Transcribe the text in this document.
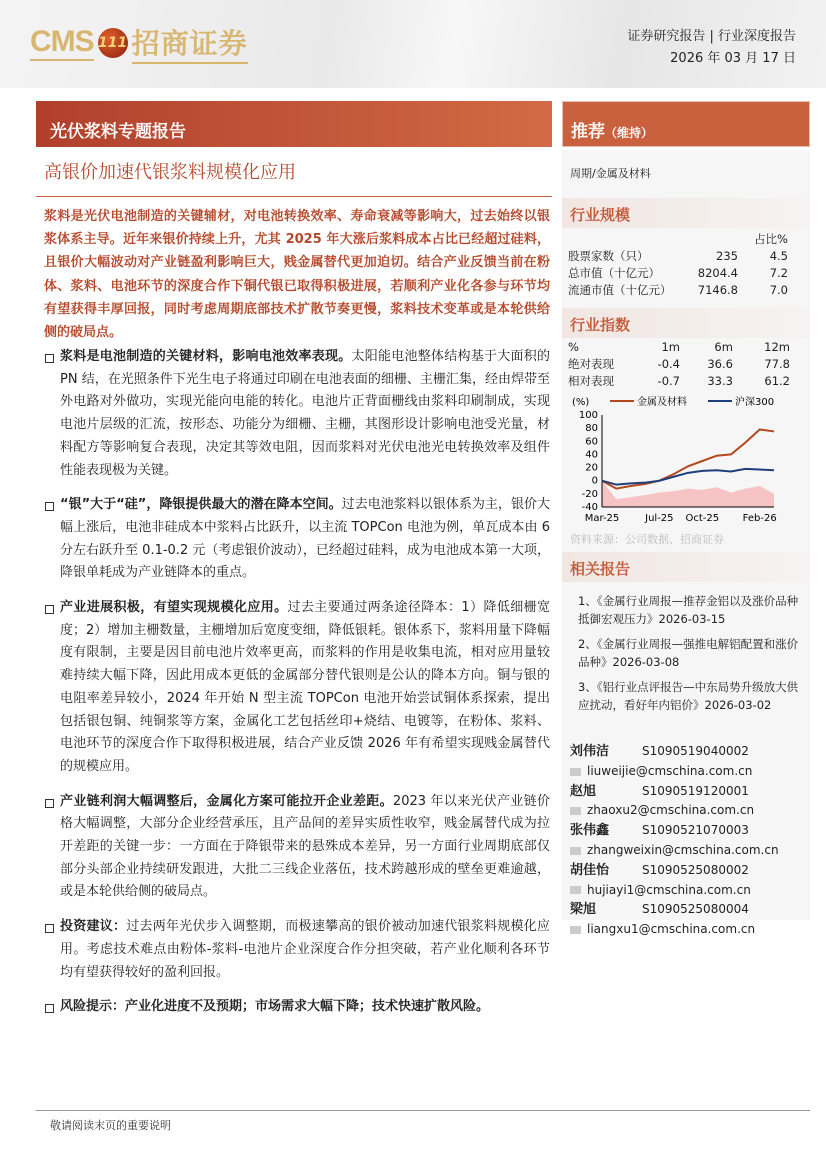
CMS 111 招商证券	证券研究报告 | 行业深度报告
2026 年 03 月 17 日
光伏浆料专题报告	推荐（维持）
高银价加速代银浆料规模化应用
浆料是光伏电池制造的关键辅材，对电池转换效率、寿命衰减等影响大，过去始终以银浆体系主导。近年来银价持续上升，尤其 2025 年大涨后浆料成本占比已经超过硅料，且银价大幅波动对产业链盈利影响巨大，贱金属替代更加迫切。结合产业反馈当前在粉体、浆料、电池环节的深度合作下铜代银已取得积极进展，若顺利产业化各参与环节均有望获得丰厚回报，同时考虑周期底部技术扩散节奏更慢，浆料技术变革或是本轮供给侧的破局点。
浆料是电池制造的关键材料，影响电池效率表现。太阳能电池整体结构基于大面积的 PN 结，在光照条件下光生电子将通过印刷在电池表面的细栅、主栅汇集，经由焊带至外电路对外做功，实现光能向电能的转化。电池片正背面栅线由浆料印刷制成，实现电池片层级的汇流，按形态、功能分为细栅、主栅，其图形设计影响电池受光量，材料配方等影响复合表现，决定其等效电阻，因而浆料对光伏电池光电转换效率及组件性能表现极为关键。
“银”大于“硅”，降银提供最大的潜在降本空间。过去电池浆料以银体系为主，银价大幅上涨后，电池非硅成本中浆料占比跃升，以主流 TOPCon 电池为例，单瓦成本由 6 分左右跃升至 0.1-0.2 元（考虑银价波动），已经超过硅料，成为电池成本第一大项，降银单耗成为产业链降本的重点。
产业进展积极，有望实现规模化应用。过去主要通过两条途径降本：1）降低细栅宽度；2）增加主栅数量，主栅增加后宽度变细，降低银耗。银体系下，浆料用量下降幅度有限制，主要是因目前电池片效率更高，而浆料的作用是收集电流，相对应用量较难持续大幅下降，因此用成本更低的金属部分替代银则是公认的降本方向。铜与银的电阻率差异较小，2024 年开始 N 型主流 TOPCon 电池开始尝试铜体系探索，提出包括银包铜、纯铜浆等方案，金属化工艺包括丝印+烧结、电镀等，在粉体、浆料、电池环节的深度合作下取得积极进展，结合产业反馈 2026 年有希望实现贱金属替代的规模应用。
产业链利润大幅调整后，金属化方案可能拉开企业差距。2023 年以来光伏产业链价格大幅调整，大部分企业经营承压，且产品间的差异实质性收窄，贱金属替代成为拉开差距的关键一步：一方面在于降银带来的悬殊成本差异，另一方面行业周期底部仅部分头部企业持续研发跟进，大批二三线企业落伍，技术跨越形成的壁垒更难逾越，或是本轮供给侧的破局点。
投资建议：过去两年光伏步入调整期，而极速攀高的银价被动加速代银浆料规模化应用。考虑技术难点由粉体-浆料-电池片企业深度合作分担突破，若产业化顺利各环节均有望获得较好的盈利回报。
风险提示：产业化进度不及预期；市场需求大幅下降；技术快速扩散风险。
周期/金属及材料
行业规模
		占比%
股票家数（只）	235	4.5
总市值（十亿元）	8204.4	7.2
流通市值（十亿元）	7146.8	7.0
行业指数
%	1m	6m	12m
绝对表现	-0.4	36.6	77.8
相对表现	-0.7	33.3	61.2
100
80
60
40
20
0
-20
-40
Mar-25	Jul-25 Oct-25 Feb-26
(%)	金属及材料	沪深300
资料来源：公司数据、招商证券
相关报告
1、《金属行业周报—推荐金铝以及涨价品种抵御宏观压力》2026-03-15
2、《金属行业周报—强推电解铝配置和涨价品种》2026-03-08
3、《铝行业点评报告—中东局势升级放大供应扰动，看好年内铝价》2026-03-02
刘伟洁	S1090519040002
liuweijie@cmschina.com.cn
赵旭	S1090519120001
zhaoxu2@cmschina.com.cn
张伟鑫	S1090521070003
zhangweixin@cmschina.com.cn
胡佳怡	S1090525080002
hujiayi1@cmschina.com.cn
梁旭	S1090525080004
liangxu1@cmschina.com.cn
敬请阅读末页的重要说明
